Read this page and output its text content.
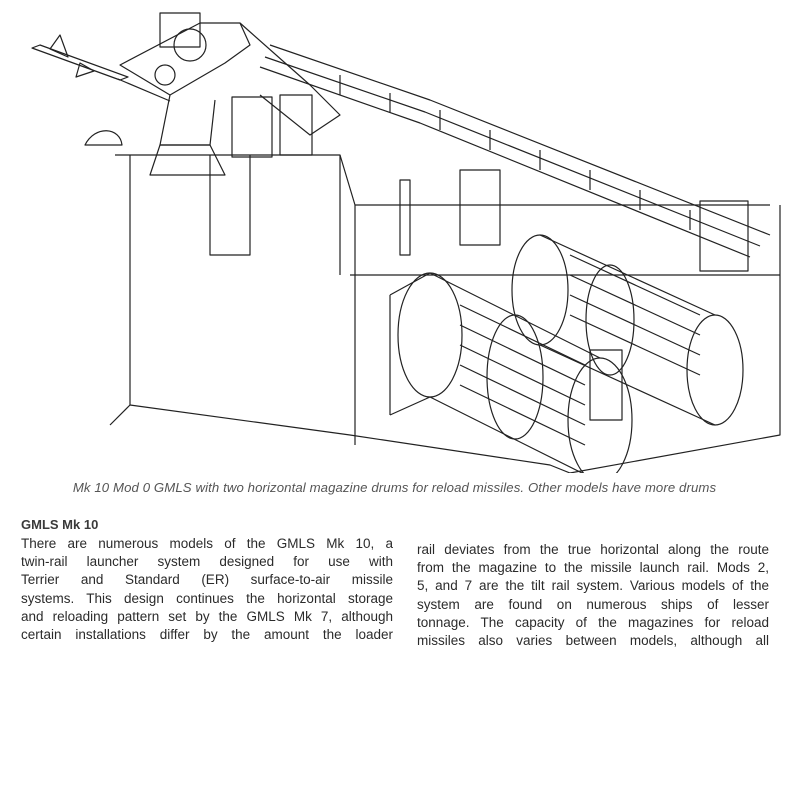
Mk 10 Mod 0 GMLS with two horizontal magazine drums for reload missiles. Other models have more drums
GMLS Mk 10

There are numerous models of the GMLS Mk 10, a

twin-rail launcher system designed for use with

Terrier and Standard (ER) surface-to-air missile

systems. This design continues the horizontal storage

and reloading pattern set by the GMLS Mk 7, although

certain installations differ by the amount the loader

rail deviates from the true horizontal along the route

from the magazine to the missile launch rail. Mods 2,

5, and 7 are the tilt rail system. Various models of the

system are found on numerous ships of lesser

tonnage. The capacity of the magazines for reload

missiles also varies between models, although all
